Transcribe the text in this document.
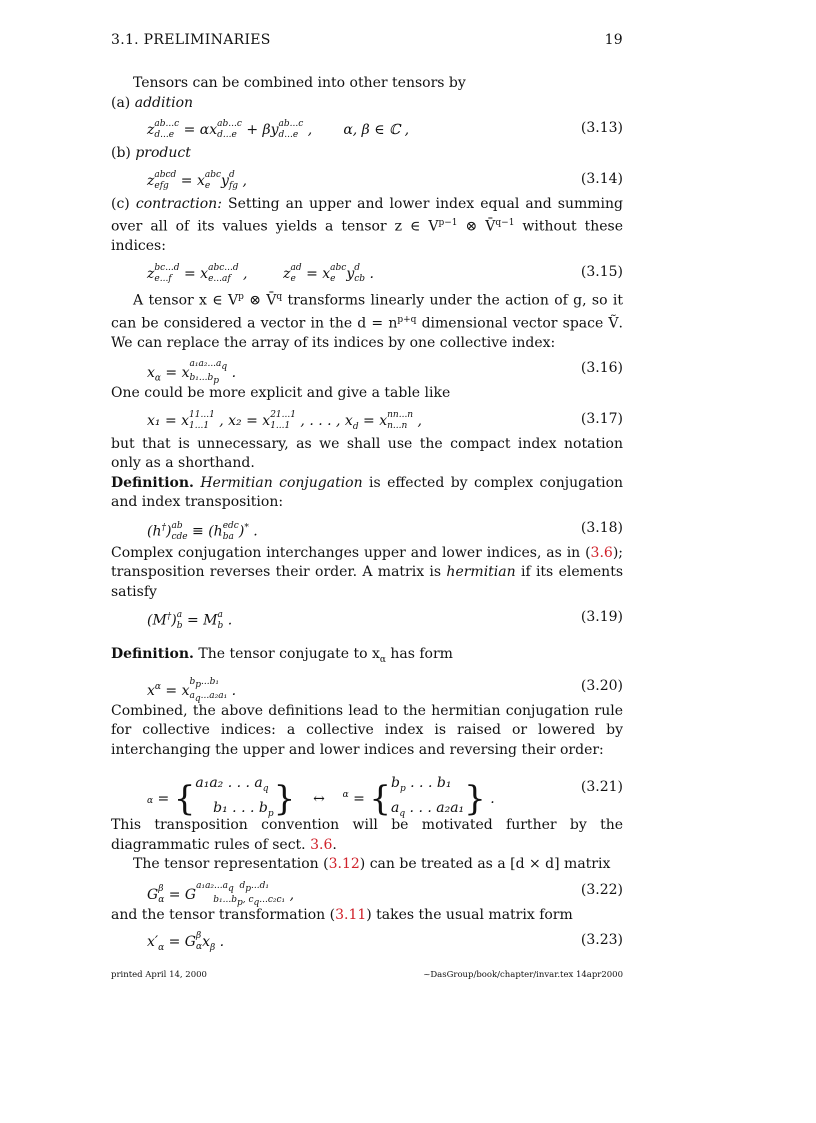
3.1. PRELIMINARIES	19

Tensors can be combined into other tensors by

(a) addition

z ab...c
d...e = αx ab...c
d...e + βy ab...c
d...e ,       α, β ∈ ℂ ,	(3.13)

(b) product

z abcd
efg = x abc
e y d
fg ,	(3.14)

(c) contraction: Setting an upper and lower index equal and summing over all of its values yields a tensor z ∈ $V^{p-1}$ ⊗ V̄$^{q-1}$ without these indices:

z bc...d
e...f = x abc...d
e...af ,        z ad
e = x abc
e y d
cb .	(3.15)

A tensor x ∈ $V^p$ ⊗ V̄$^q$ transforms linearly under the action of g, so it can be considered a vector in the $d = n^{p+q}$ dimensional vector space Ṽ. We can replace the array of its indices by one collective index:

$x_\alpha = x$
$a_1a_2...a_q$
$b_1...b_p$ .	(3.16)

One could be more explicit and give a table like

x₁ = x 11...1
1...1 , x₂ = x 21...1
1...1 , . . . , $x_d = x$ nn...n
n...n ,	(3.17)

but that is unnecessary, as we shall use the compact index notation only as a shorthand.

Definition. Hermitian conjugation is effected by complex conjugation and index transposition:

(h†) ab
cde ≡ (h edc
ba )* .	(3.18)

Complex conjugation interchanges upper and lower indices, as in (3.6); transposition reverses their order. A matrix is hermitian if its elements satisfy

(M†) a
b = M a
b .	(3.19)

Definition. The tensor conjugate to $x_\alpha$ has form

$x^\alpha = x$
$b_p...b_1$
$a_q...a_2a_1$ .	(3.20)

Combined, the above definitions lead to the hermitian conjugation rule for collective indices: a collective index is raised or lowered by interchanging the upper and lower indices and reversing their order:

α = {a₁a₂ . . . $a_q$
b₁ . . . $b_p$}    ↔    $^\alpha = \{b_p$ . . . b₁
$a_q$ . . . a₂a₁} .
(3.21)

This transposition convention will be motivated further by the diagrammatic rules of sect. 3.6.

The tensor representation (3.12) can be treated as a [d × d] matrix

G β
α = G
$a_1a_2...a_q$  $d_p...d_1$
$b_1...b_p$, $c_q...c_2c_1$ ,	(3.22)

and the tensor transformation (3.11) takes the usual matrix form

$x'_\alpha = G$ β
α $x_\beta$ .	(3.23)
printed April 14, 2000	~DasGroup/book/chapter/invar.tex 14apr2000
